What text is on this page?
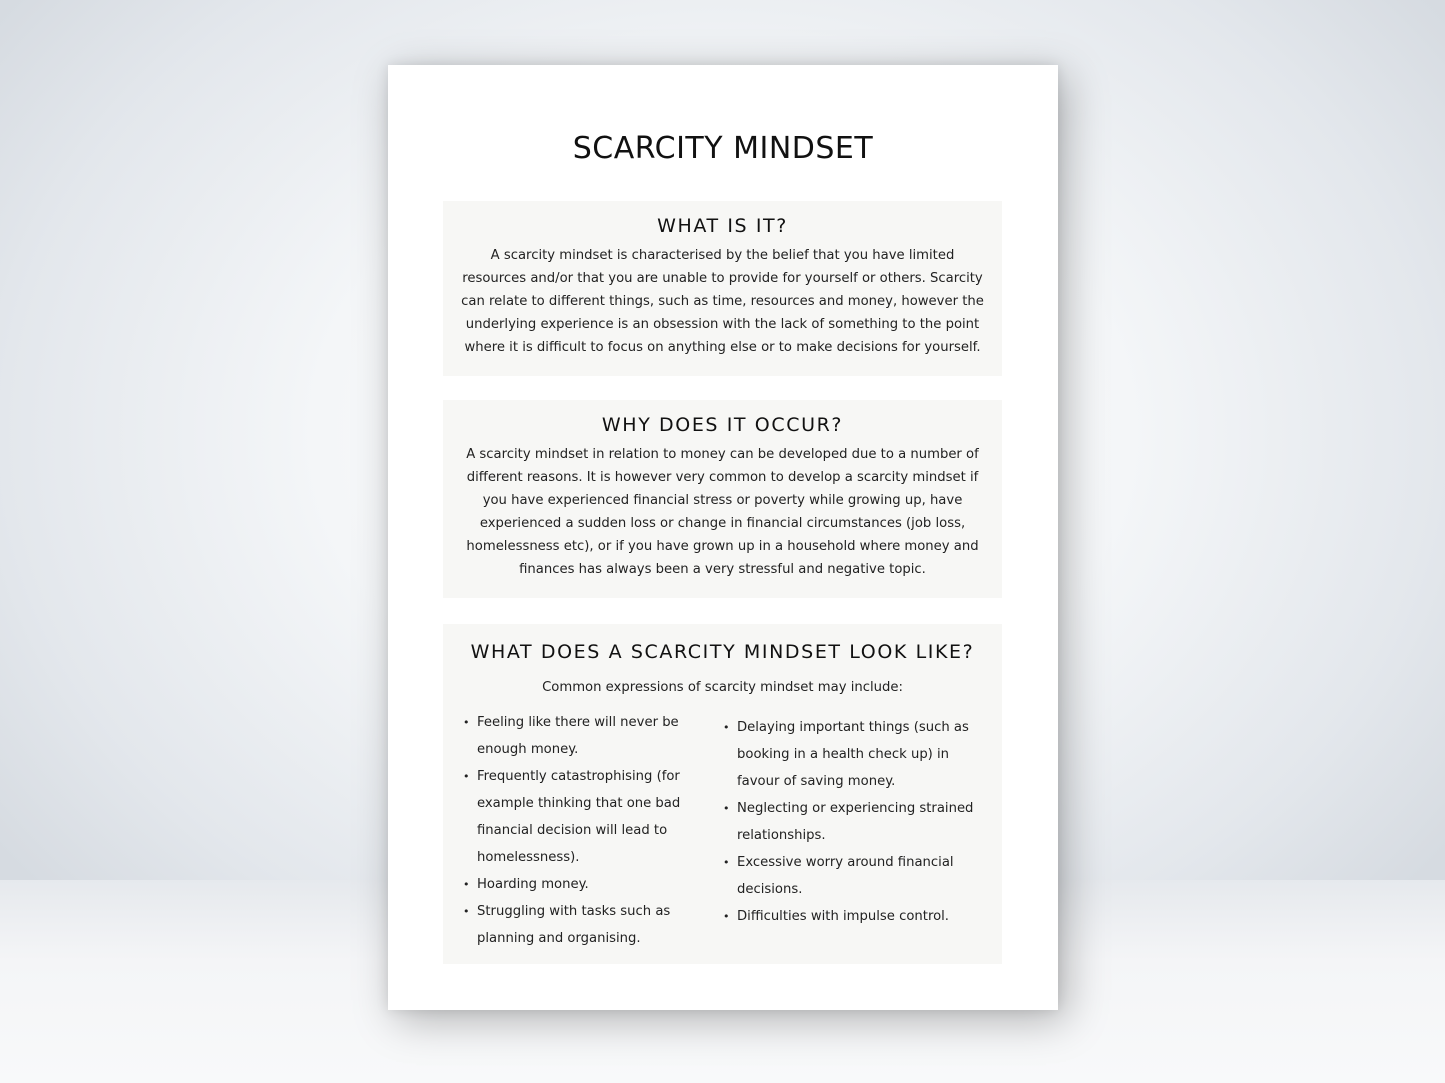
SCARCITY MINDSET
WHAT IS IT?

A scarcity mindset is characterised by the belief that you have limited resources and/or that you are unable to provide for yourself or others. Scarcity can relate to different things, such as time, resources and money, however the underlying experience is an obsession with the lack of something to the point where it is difficult to focus on anything else or to make decisions for yourself.

WHY DOES IT OCCUR?

A scarcity mindset in relation to money can be developed due to a number of different reasons. It is however very common to develop a scarcity mindset if you have experienced financial stress or poverty while growing up, have experienced a sudden loss or change in financial circumstances (job loss, homelessness etc), or if you have grown up in a household where money and finances has always been a very stressful and negative topic.

WHAT DOES A SCARCITY MINDSET LOOK LIKE?

Common expressions of scarcity mindset may include:

• Feeling like there will never be enough money.
• Frequently catastrophising (for example thinking that one bad financial decision will lead to homelessness).
• Hoarding money.
• Struggling with tasks such as planning and organising.
• Delaying important things (such as booking in a health check up) in favour of saving money.
• Neglecting or experiencing strained relationships.
• Excessive worry around financial decisions.
• Difficulties with impulse control.
